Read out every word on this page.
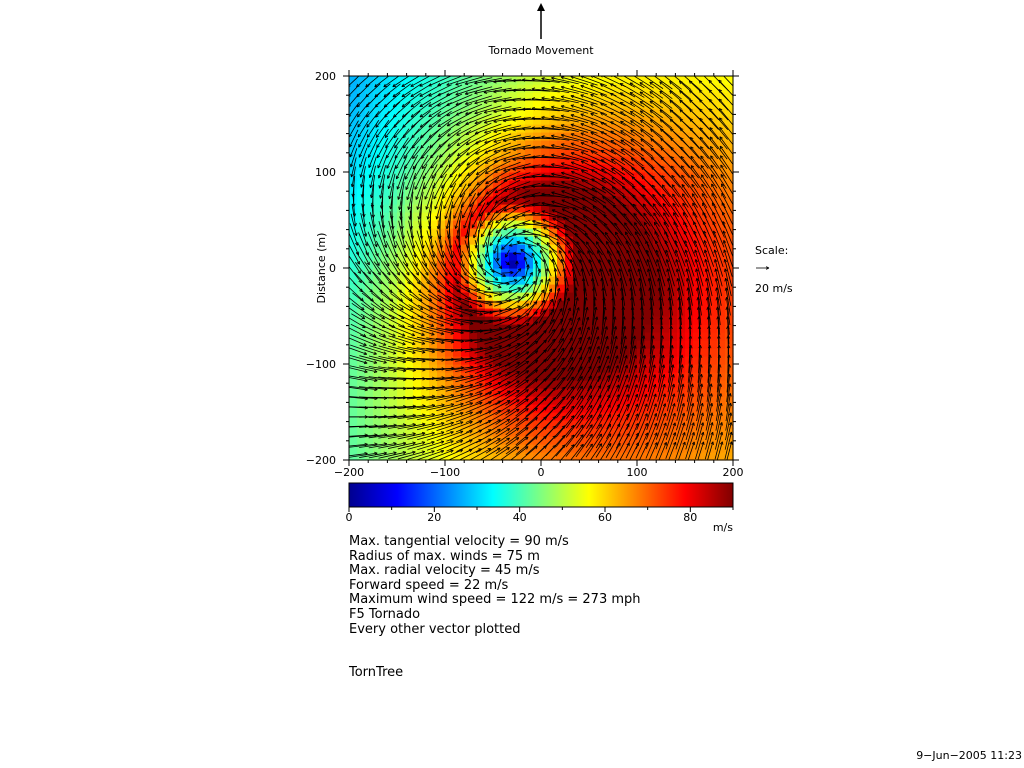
Tornado Movement
−200	−100	0	100	200
−200
−100
0
100
200
Distance (m)	Scale:
20 m/s
0	20	40	60	80
m/s
Max. tangential velocity = 90 m/s
Radius of max. winds = 75 m
Max. radial velocity = 45 m/s
Forward speed = 22 m/s
Maximum wind speed = 122 m/s = 273 mph
F5 Tornado
Every other vector plotted
TornTree
9−Jun−2005 11:23
